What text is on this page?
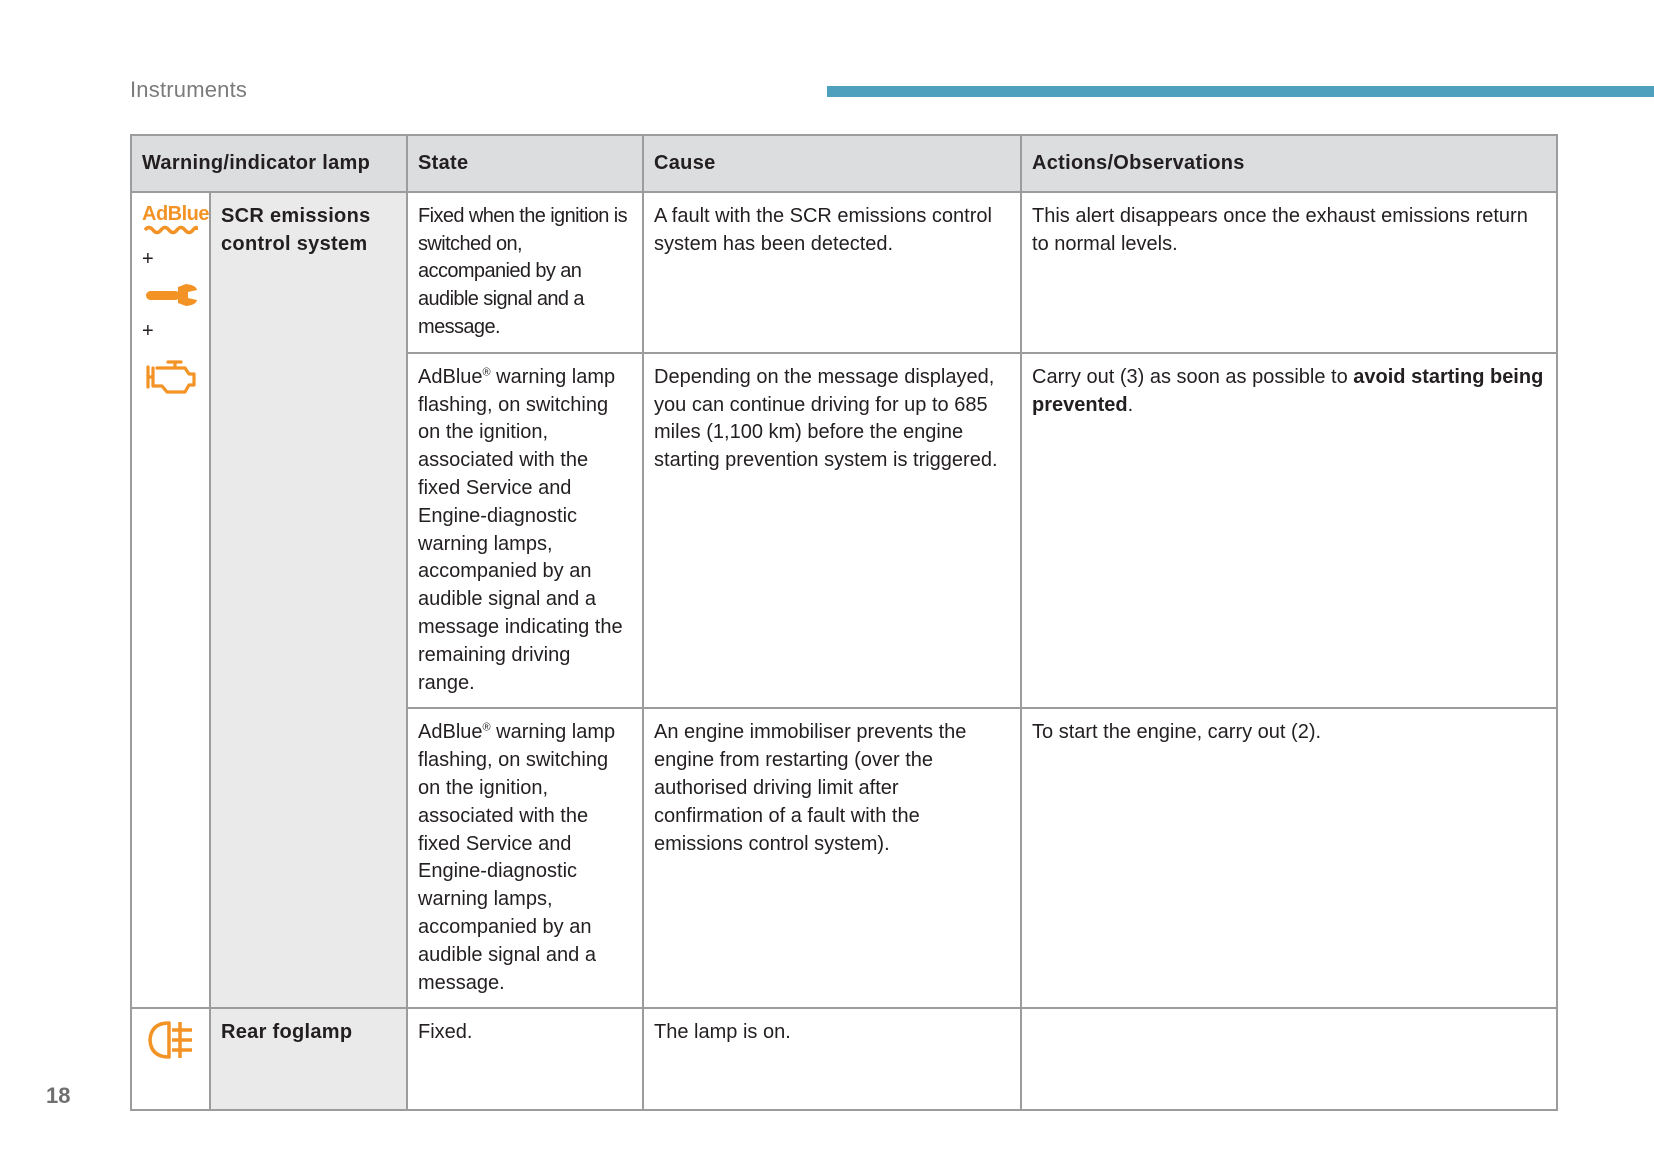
Instruments
Warning/indicator lamp		State	Cause	Actions/Observations

AdBlue
+
+	SCR emissions control system	Fixed when the ignition is switched on, accompanied by an audible signal and a message.	A fault with the SCR emissions control system has been detected.	This alert disappears once the exhaust emissions return to normal levels.
		AdBlue® warning lamp flashing, on switching on the ignition, associated with the fixed Service and Engine-diagnostic warning lamps, accompanied by an audible signal and a message indicating the remaining driving range.	Depending on the message displayed, you can continue driving for up to 685 miles (1,100 km) before the engine starting prevention system is triggered.	Carry out (3) as soon as possible to avoid starting being prevented.
		AdBlue® warning lamp flashing, on switching on the ignition, associated with the fixed Service and Engine-diagnostic warning lamps, accompanied by an audible signal and a message.	An engine immobiliser prevents the engine from restarting (over the authorised driving limit after confirmation of a fault with the emissions control system).	To start the engine, carry out (2).

	Rear foglamp	Fixed.	The lamp is on.	
18
